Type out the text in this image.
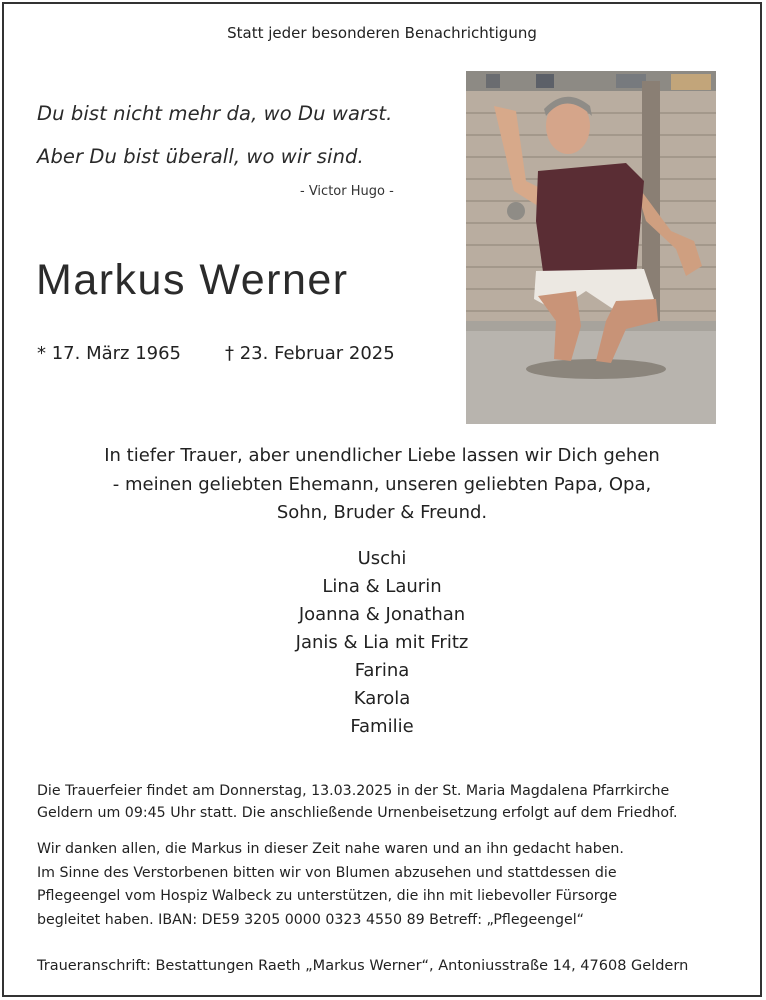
Statt jeder besonderen Benachrichtigung
Du bist nicht mehr da, wo Du warst.
Aber Du bist überall, wo wir sind.
- Victor Hugo -
Markus Werner
* 17. März 1965 † 23. Februar 2025
In tiefer Trauer, aber unendlicher Liebe lassen wir Dich gehen
- meinen geliebten Ehemann, unseren geliebten Papa, Opa,
Sohn, Bruder & Freund.
Uschi
Lina & Laurin
Joanna & Jonathan
Janis & Lia mit Fritz
Farina
Karola
Familie
Die Trauerfeier findet am Donnerstag, 13.03.2025 in der St. Maria Magdalena Pfarrkirche
Geldern um 09:45 Uhr statt. Die anschließende Urnenbeisetzung erfolgt auf dem Friedhof.
Wir danken allen, die Markus in dieser Zeit nahe waren und an ihn gedacht haben.
Im Sinne des Verstorbenen bitten wir von Blumen abzusehen und stattdessen die
Pflegeengel vom Hospiz Walbeck zu unterstützen, die ihn mit liebevoller Fürsorge
begleitet haben. IBAN: DE59 3205 0000 0323 4550 89 Betreff: „Pflegeengel“
Traueranschrift: Bestattungen Raeth „Markus Werner“, Antoniusstraße 14, 47608 Geldern
